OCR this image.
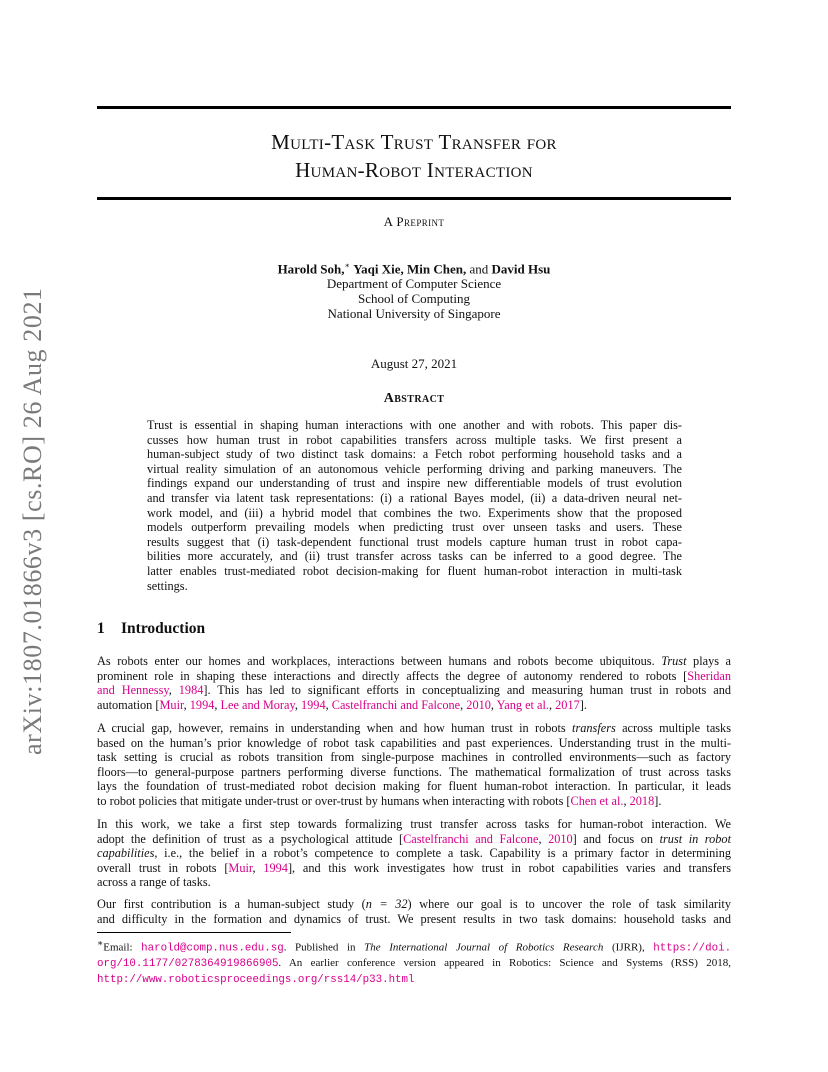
arXiv:1807.01866v3 [cs.RO] 26 Aug 2021
Multi-Task Trust Transfer for
Human-Robot Interaction
A Preprint
Harold Soh,∗ Yaqi Xie, Min Chen, and David Hsu
Department of Computer Science
School of Computing
National University of Singapore
August 27, 2021
Abstract
Trust is essential in shaping human interactions with one another and with robots. This paper dis-
cusses how human trust in robot capabilities transfers across multiple tasks. We first present a
human-subject study of two distinct task domains: a Fetch robot performing household tasks and a
virtual reality simulation of an autonomous vehicle performing driving and parking maneuvers. The
findings expand our understanding of trust and inspire new differentiable models of trust evolution
and transfer via latent task representations: (i) a rational Bayes model, (ii) a data-driven neural net-
work model, and (iii) a hybrid model that combines the two. Experiments show that the proposed
models outperform prevailing models when predicting trust over unseen tasks and users. These
results suggest that (i) task-dependent functional trust models capture human trust in robot capa-
bilities more accurately, and (ii) trust transfer across tasks can be inferred to a good degree. The
latter enables trust-mediated robot decision-making for fluent human-robot interaction in multi-task
settings.
1 Introduction
As robots enter our homes and workplaces, interactions between humans and robots become ubiquitous. Trust plays a
prominent role in shaping these interactions and directly affects the degree of autonomy rendered to robots [Sheridan
and Hennessy, 1984]. This has led to significant efforts in conceptualizing and measuring human trust in robots and
automation [Muir, 1994, Lee and Moray, 1994, Castelfranchi and Falcone, 2010, Yang et al., 2017].
A crucial gap, however, remains in understanding when and how human trust in robots transfers across multiple tasks
based on the human’s prior knowledge of robot task capabilities and past experiences. Understanding trust in the multi-
task setting is crucial as robots transition from single-purpose machines in controlled environments—such as factory
floors—to general-purpose partners performing diverse functions. The mathematical formalization of trust across tasks
lays the foundation of trust-mediated robot decision making for fluent human-robot interaction. In particular, it leads
to robot policies that mitigate under-trust or over-trust by humans when interacting with robots [Chen et al., 2018].
In this work, we take a first step towards formalizing trust transfer across tasks for human-robot interaction. We
adopt the definition of trust as a psychological attitude [Castelfranchi and Falcone, 2010] and focus on trust in robot
capabilities, i.e., the belief in a robot’s competence to complete a task. Capability is a primary factor in determining
overall trust in robots [Muir, 1994], and this work investigates how trust in robot capabilities varies and transfers
across a range of tasks.
Our first contribution is a human-subject study (n = 32) where our goal is to uncover the role of task similarity
and difficulty in the formation and dynamics of trust. We present results in two task domains: household tasks and
∗Email: harold@comp.nus.edu.sg. Published in The International Journal of Robotics Research (IJRR), https://doi.
org/10.1177/0278364919866905. An earlier conference version appeared in Robotics: Science and Systems (RSS) 2018,
http://www.roboticsproceedings.org/rss14/p33.html
